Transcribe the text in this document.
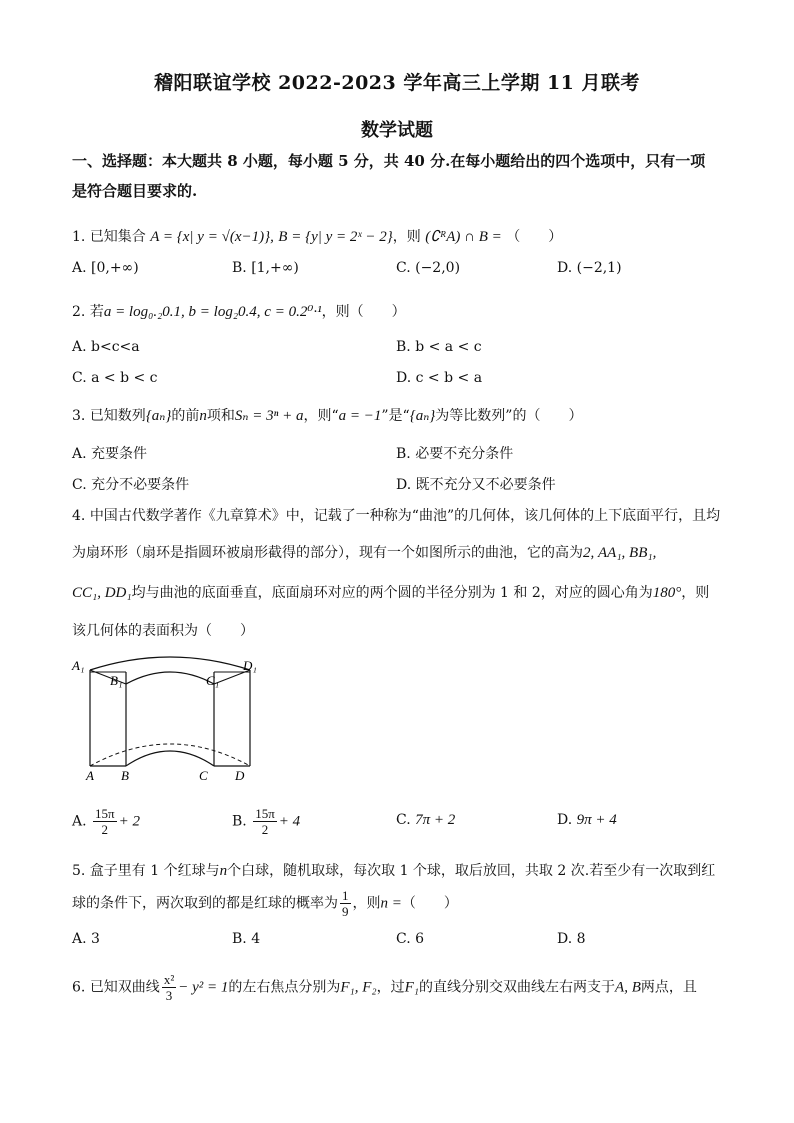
稽阳联谊学校 2022-2023 学年高三上学期 11 月联考
数学试题
一、选择题：本大题共 8 小题，每小题 5 分，共 40 分.在每小题给出的四个选项中，只有一项
是符合题目要求的.
1. 已知集合 A = {x| y = √(x−1)}, B = {y| y = 2ˣ − 2}，则 (∁ᴿA) ∩ B = （　　）
A. [0,+∞)	B. [1,+∞)	C. (−2,0)	D. (−2,1)
2. 若a = log₀.₂0.1, b = log₂0.4, c = 0.2⁰·¹，则（　　）
A. b<c<a	B. b < a < c
C. a < b < c	D. c < b < a
3. 已知数列{aₙ}的前n项和Sₙ = 3ⁿ + a，则“a = −1”是“{aₙ}为等比数列”的（　　）
A. 充要条件	B. 必要不充分条件
C. 充分不必要条件	D. 既不充分又不必要条件
4. 中国古代数学著作《九章算术》中，记载了一种称为“曲池”的几何体，该几何体的上下底面平行，且均
为扇环形（扇环是指圆环被扇形截得的部分），现有一个如图所示的曲池，它的高为2, AA₁, BB₁,
CC₁, DD₁均与曲池的底面垂直，底面扇环对应的两个圆的半径分别为 1 和 2，对应的圆心角为180°，则
该几何体的表面积为（　　）
A₁
B₁	C₁
D₁
A B	C D
A. $\frac{15\pi}{2} + 2$	B. $\frac{15\pi}{2} + 4$	C. 7π + 2	D. 9π + 4
5. 盒子里有 1 个红球与n个白球，随机取球，每次取 1 个球，取后放回，共取 2 次.若至少有一次取到红
球的条件下，两次取到的都是红球的概率为 $\frac{1}{9}$ ，则n =（　　）
A. 3	B. 4	C. 6	D. 8
6. 已知双曲线 $\frac{\text{x²}}{3} - y^2 = 1$的左右焦点分别为F₁, F₂，过F₁的直线分别交双曲线左右两支于A, B两点，且
